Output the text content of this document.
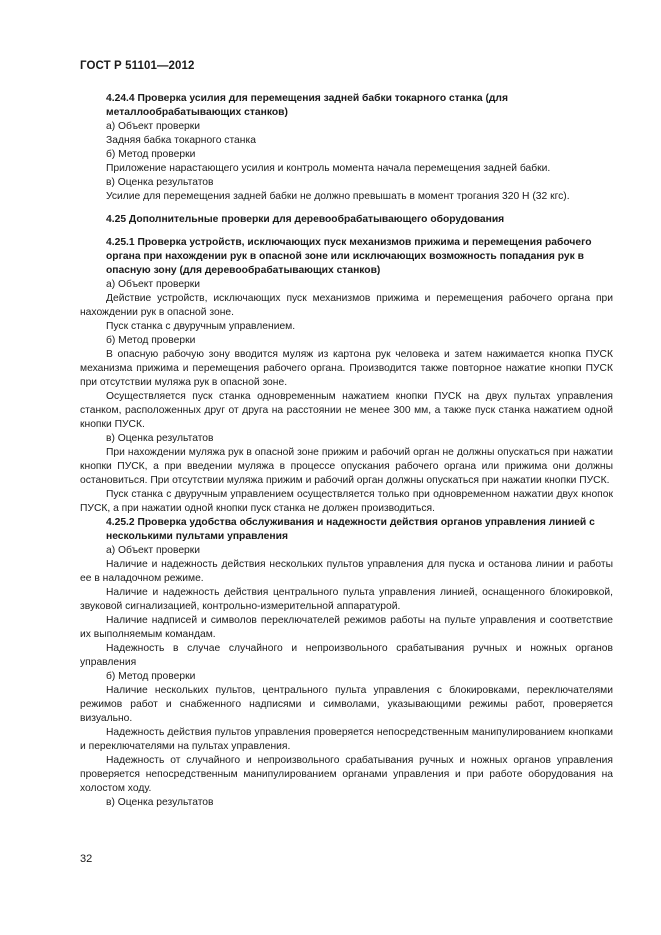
ГОСТ Р 51101—2012

4.24.4 Проверка усилия для перемещения задней бабки токарного станка (для металлообрабатывающих станков)

а) Объект проверки

Задняя бабка токарного станка

б) Метод проверки

Приложение нарастающего усилия и контроль момента начала перемещения задней бабки.

в) Оценка результатов

Усилие для перемещения задней бабки не должно превышать в момент трогания 320 Н (32 кгс).

4.25 Дополнительные проверки для деревообрабатывающего оборудования

4.25.1 Проверка устройств, исключающих пуск механизмов прижима и перемещения рабочего органа при нахождении рук в опасной зоне или исключающих возможность попадания рук в опасную зону (для деревообрабатывающих станков)

а) Объект проверки

Действие устройств, исключающих пуск механизмов прижима и перемещения рабочего органа при нахождении рук в опасной зоне.

Пуск станка с двуручным управлением.

б) Метод проверки

В опасную рабочую зону вводится муляж из картона рук человека и затем нажимается кнопка ПУСК механизма прижима и перемещения рабочего органа. Производится также повторное нажатие кнопки ПУСК при отсутствии муляжа рук в опасной зоне.

Осуществляется пуск станка одновременным нажатием кнопки ПУСК на двух пультах управления станком, расположенных друг от друга на расстоянии не менее 300 мм, а также пуск станка нажатием одной кнопки ПУСК.

в) Оценка результатов

При нахождении муляжа рук в опасной зоне прижим и рабочий орган не должны опускаться при нажатии кнопки ПУСК, а при введении муляжа в процессе опускания рабочего органа или прижима они должны остановиться. При отсутствии муляжа прижим и рабочий орган должны опускаться при нажатии кнопки ПУСК.

Пуск станка с двуручным управлением осуществляется только при одновременном нажатии двух кнопок ПУСК, а при нажатии одной кнопки пуск станка не должен производиться.

4.25.2 Проверка удобства обслуживания и надежности действия органов управления линией с несколькими пультами управления

а) Объект проверки

Наличие и надежность действия нескольких пультов управления для пуска и останова линии и работы ее в наладочном режиме.

Наличие и надежность действия центрального пульта управления линией, оснащенного блокировкой, звуковой сигнализацией, контрольно-измерительной аппаратурой.

Наличие надписей и символов переключателей режимов работы на пульте управления и соответствие их выполняемым командам.

Надежность в случае случайного и непроизвольного срабатывания ручных и ножных органов управления

б) Метод проверки

Наличие нескольких пультов, центрального пульта управления с блокировками, переключателями режимов работ и снабженного надписями и символами, указывающими режимы работ, проверяется визуально.

Надежность действия пультов управления проверяется непосредственным манипулированием кнопками и переключателями на пультах управления.

Надежность от случайного и непроизвольного срабатывания ручных и ножных органов управления проверяется непосредственным манипулированием органами управления и при работе оборудования на холостом ходу.

в) Оценка результатов

32
